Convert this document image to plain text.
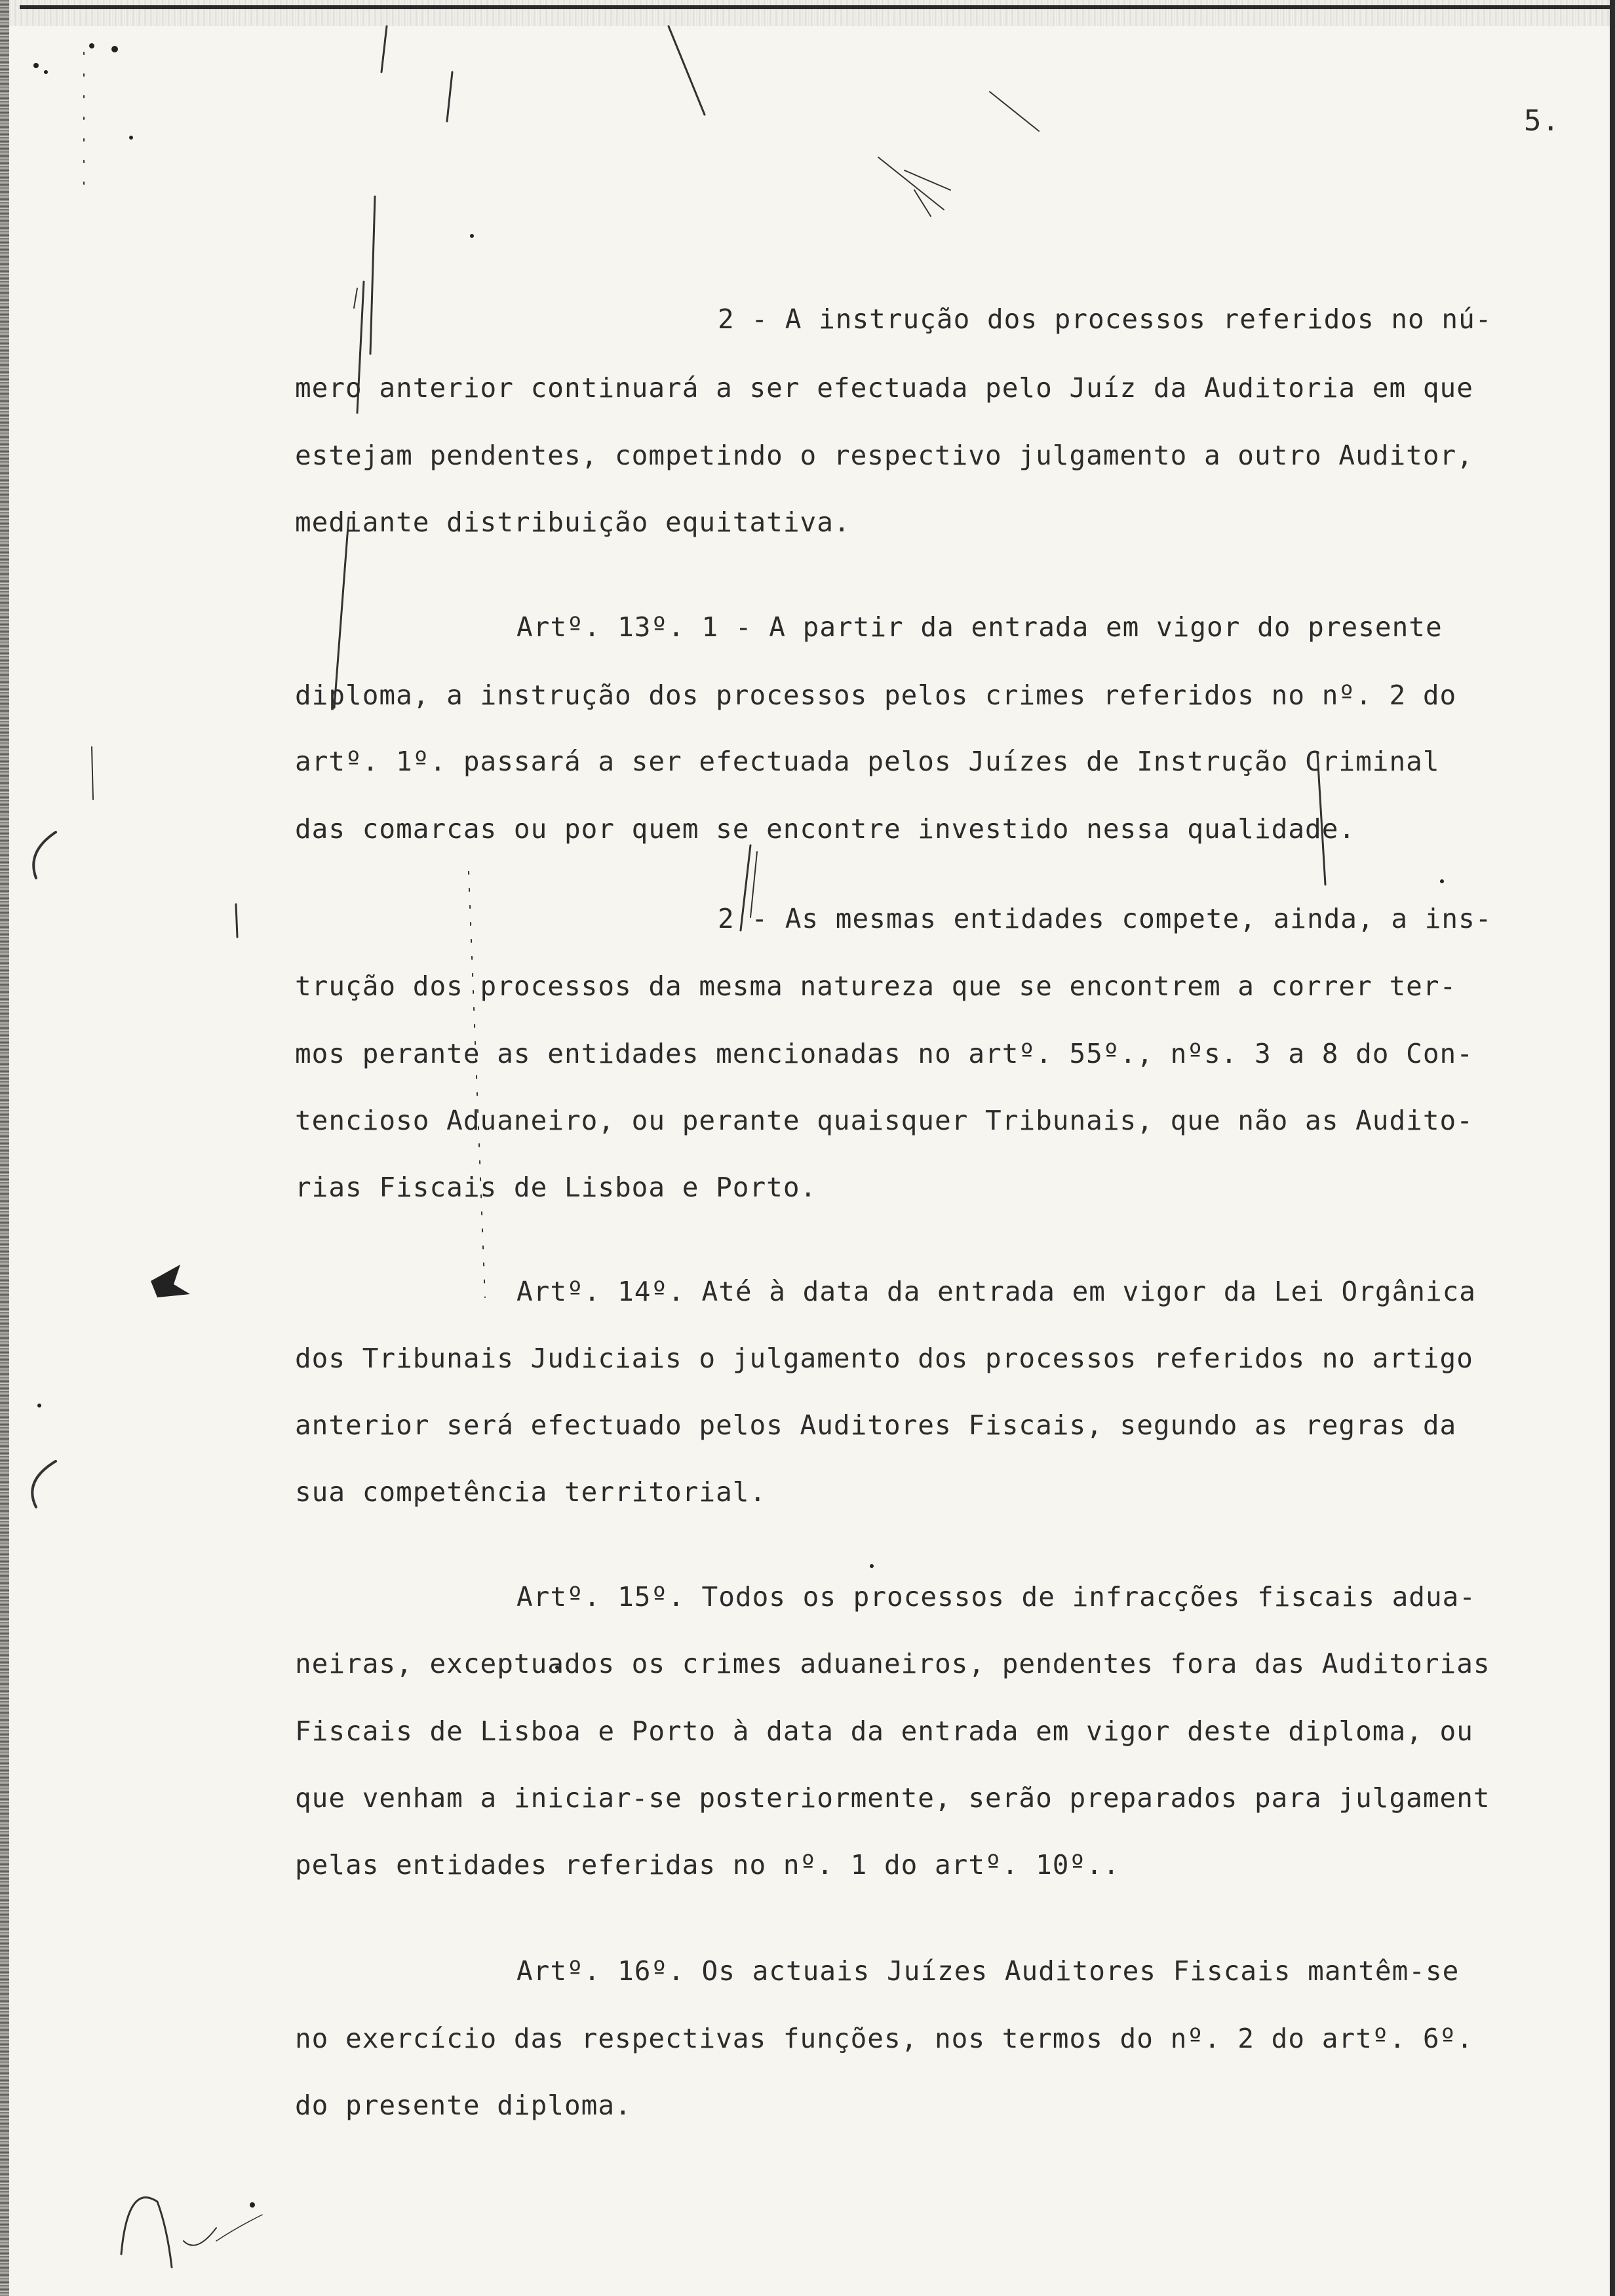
5.

2 - A instrução dos processos referidos no nú-

mero anterior continuará a ser efectuada pelo Juíz da Auditoria em que

estejam pendentes, competindo o respectivo julgamento a outro Auditor,

mediante distribuição equitativa.

Artº. 13º. 1 - A partir da entrada em vigor do presente

diploma, a instrução dos processos pelos crimes referidos no nº. 2 do

artº. 1º. passará a ser efectuada pelos Juízes de Instrução Criminal

das comarcas ou por quem se encontre investido nessa qualidade.

2 - As mesmas entidades compete, ainda, a ins-

trução dos processos da mesma natureza que se encontrem a correr ter-

mos perante as entidades mencionadas no artº. 55º., nºs. 3 a 8 do Con-

tencioso Aduaneiro, ou perante quaisquer Tribunais, que não as Audito-

rias Fiscais de Lisboa e Porto.

Artº. 14º. Até à data da entrada em vigor da Lei Orgânica

dos Tribunais Judiciais o julgamento dos processos referidos no artigo

anterior será efectuado pelos Auditores Fiscais, segundo as regras da

sua competência territorial.

Artº. 15º. Todos os processos de infracções fiscais adua-

neiras, exceptuados os crimes aduaneiros, pendentes fora das Auditorias

Fiscais de Lisboa e Porto à data da entrada em vigor deste diploma, ou

que venham a iniciar-se posteriormente, serão preparados para julgament

pelas entidades referidas no nº. 1 do artº. 10º..

Artº. 16º. Os actuais Juízes Auditores Fiscais mantêm-se

no exercício das respectivas funções, nos termos do nº. 2 do artº. 6º.

do presente diploma.
